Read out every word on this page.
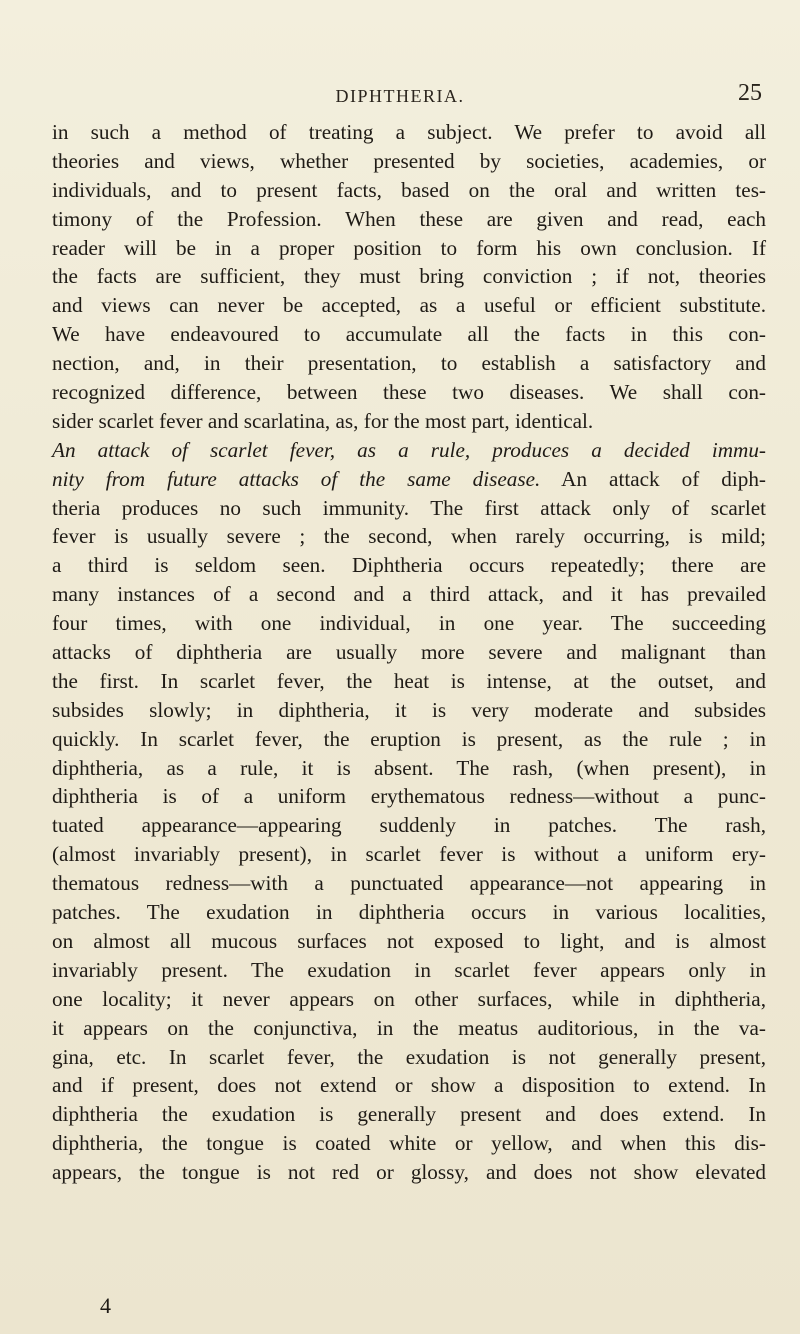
DIPHTHERIA.	25
in such a method of treating a subject. We prefer to avoid all
theories and views, whether presented by societies, academies, or
individuals, and to present facts, based on the oral and written tes-
timony of the Profession. When these are given and read, each
reader will be in a proper position to form his own conclusion. If
the facts are sufficient, they must bring conviction ; if not, theories
and views can never be accepted, as a useful or efficient substitute.
We have endeavoured to accumulate all the facts in this con-
nection, and, in their presentation, to establish a satisfactory and
recognized difference, between these two diseases. We shall con-
sider scarlet fever and scarlatina, as, for the most part, identical.
An attack of scarlet fever, as a rule, produces a decided immu-
nity from future attacks of the same disease. An attack of diph-
theria produces no such immunity. The first attack only of scarlet
fever is usually severe ; the second, when rarely occurring, is mild;
a third is seldom seen. Diphtheria occurs repeatedly; there are
many instances of a second and a third attack, and it has prevailed
four times, with one individual, in one year. The succeeding
attacks of diphtheria are usually more severe and malignant than
the first. In scarlet fever, the heat is intense, at the outset, and
subsides slowly; in diphtheria, it is very moderate and subsides
quickly. In scarlet fever, the eruption is present, as the rule ; in
diphtheria, as a rule, it is absent. The rash, (when present), in
diphtheria is of a uniform erythematous redness—without a punc-
tuated appearance—appearing suddenly in patches. The rash,
(almost invariably present), in scarlet fever is without a uniform ery-
thematous redness—with a punctuated appearance—not appearing in
patches. The exudation in diphtheria occurs in various localities,
on almost all mucous surfaces not exposed to light, and is almost
invariably present. The exudation in scarlet fever appears only in
one locality; it never appears on other surfaces, while in diphtheria,
it appears on the conjunctiva, in the meatus auditorious, in the va-
gina, etc. In scarlet fever, the exudation is not generally present,
and if present, does not extend or show a disposition to extend. In
diphtheria the exudation is generally present and does extend. In
diphtheria, the tongue is coated white or yellow, and when this dis-
appears, the tongue is not red or glossy, and does not show elevated
4
